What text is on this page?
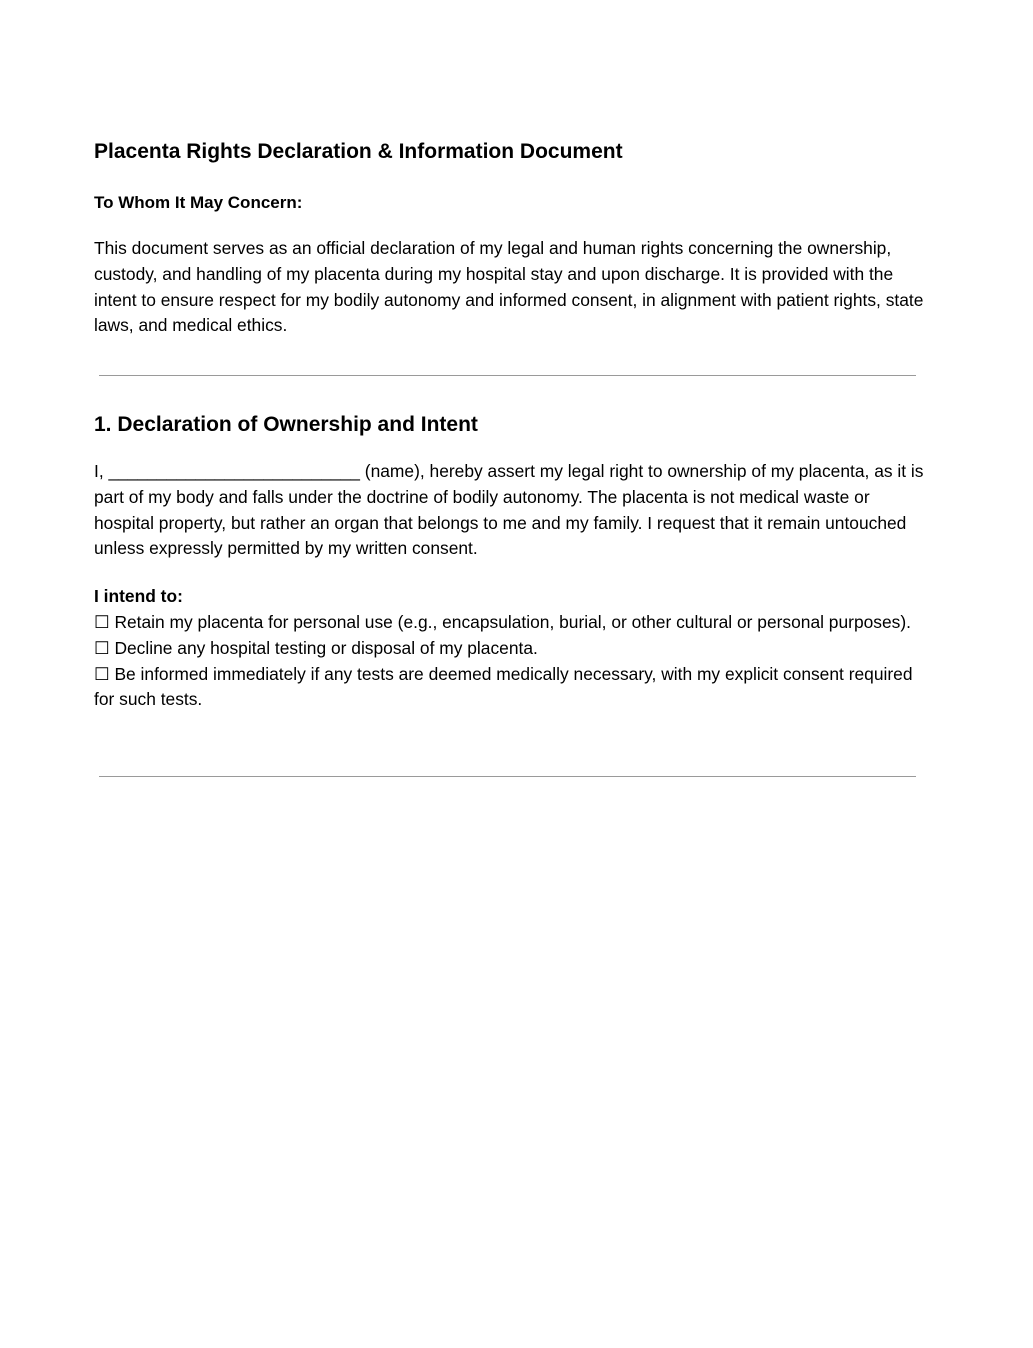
Placenta Rights Declaration & Information Document

To Whom It May Concern:

This document serves as an official declaration of my legal and human rights concerning the ownership, custody, and handling of my placenta during my hospital stay and upon discharge. It is provided with the intent to ensure respect for my bodily autonomy and informed consent, in alignment with patient rights, state laws, and medical ethics.

1. Declaration of Ownership and Intent

I, __________________________ (name), hereby assert my legal right to ownership of my placenta, as it is part of my body and falls under the doctrine of bodily autonomy. The placenta is not medical waste or hospital property, but rather an organ that belongs to me and my family. I request that it remain untouched unless expressly permitted by my written consent.

I intend to:

☐ Retain my placenta for personal use (e.g., encapsulation, burial, or other cultural or personal purposes).
☐ Decline any hospital testing or disposal of my placenta.
☐ Be informed immediately if any tests are deemed medically necessary, with my explicit consent required for such tests.
